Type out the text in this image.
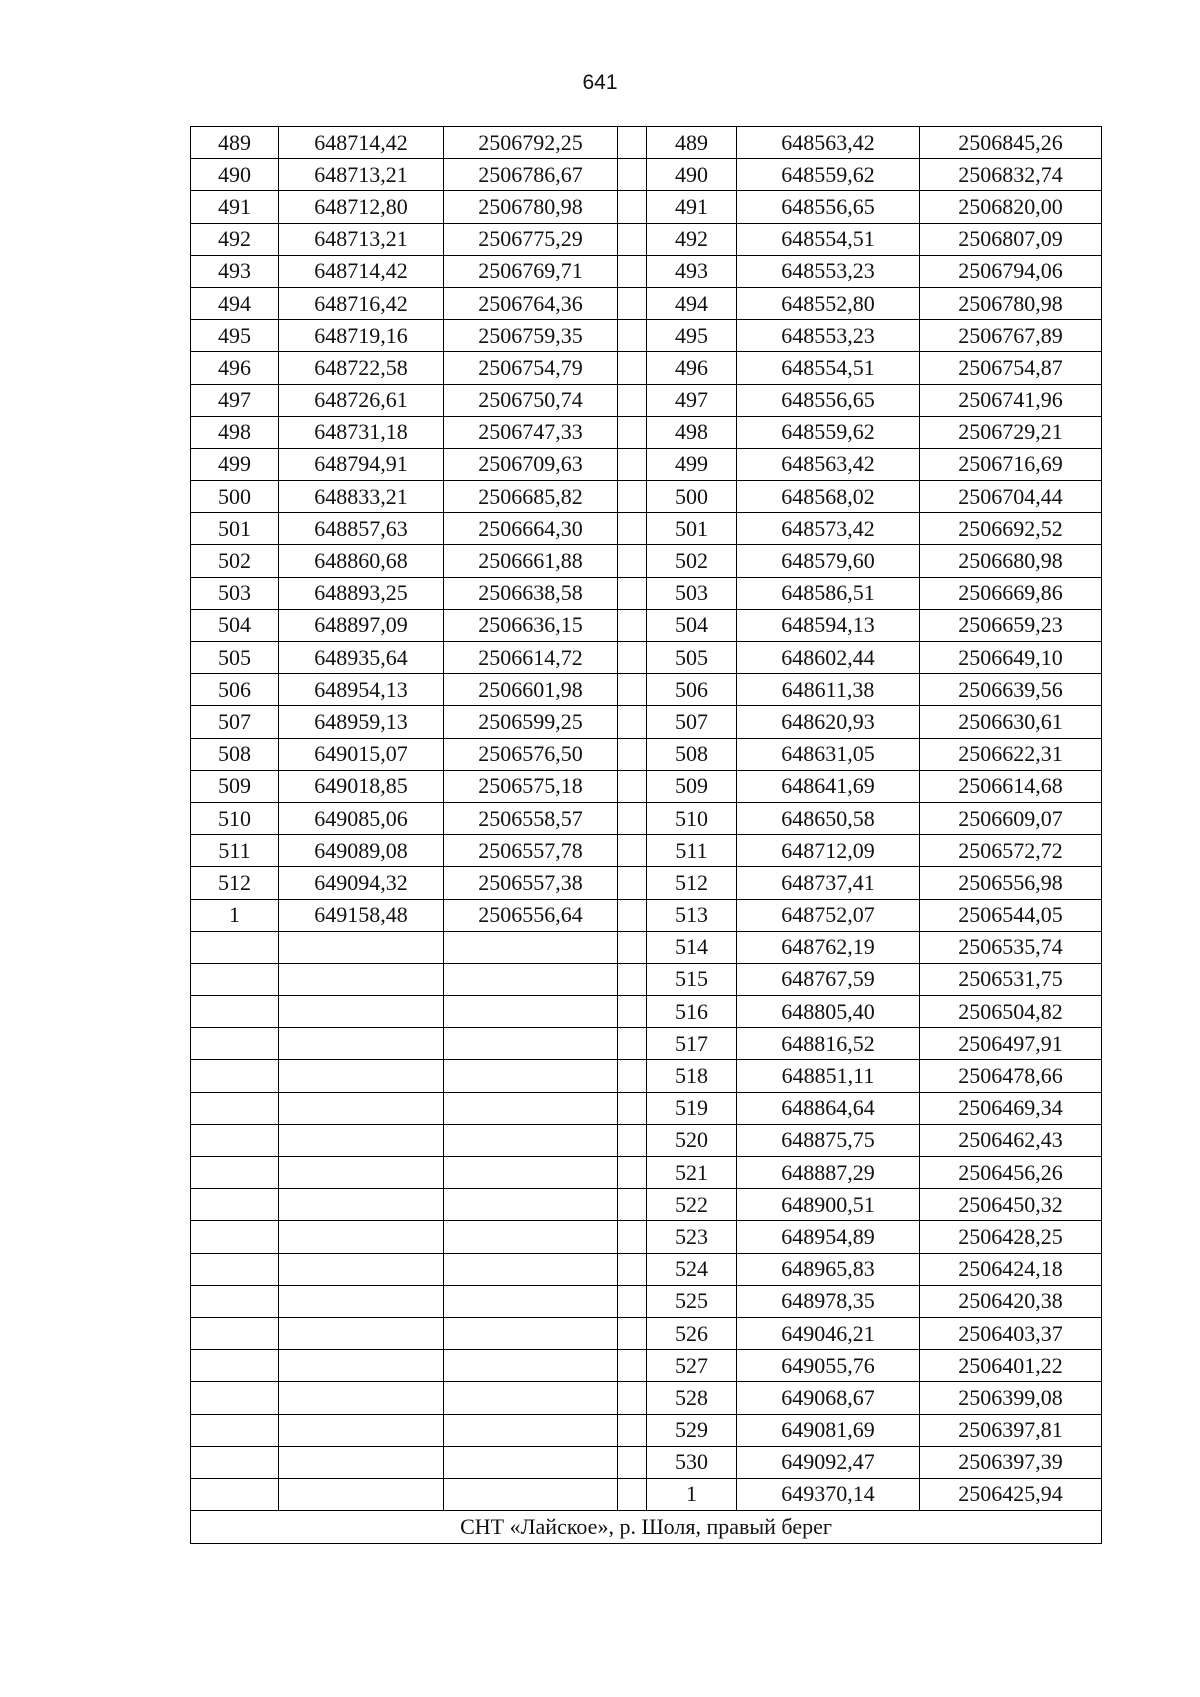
641
489	648714,42	2506792,25		489	648563,42	2506845,26
490	648713,21	2506786,67		490	648559,62	2506832,74
491	648712,80	2506780,98		491	648556,65	2506820,00
492	648713,21	2506775,29		492	648554,51	2506807,09
493	648714,42	2506769,71		493	648553,23	2506794,06
494	648716,42	2506764,36		494	648552,80	2506780,98
495	648719,16	2506759,35		495	648553,23	2506767,89
496	648722,58	2506754,79		496	648554,51	2506754,87
497	648726,61	2506750,74		497	648556,65	2506741,96
498	648731,18	2506747,33		498	648559,62	2506729,21
499	648794,91	2506709,63		499	648563,42	2506716,69
500	648833,21	2506685,82		500	648568,02	2506704,44
501	648857,63	2506664,30		501	648573,42	2506692,52
502	648860,68	2506661,88		502	648579,60	2506680,98
503	648893,25	2506638,58		503	648586,51	2506669,86
504	648897,09	2506636,15		504	648594,13	2506659,23
505	648935,64	2506614,72		505	648602,44	2506649,10
506	648954,13	2506601,98		506	648611,38	2506639,56
507	648959,13	2506599,25		507	648620,93	2506630,61
508	649015,07	2506576,50		508	648631,05	2506622,31
509	649018,85	2506575,18		509	648641,69	2506614,68
510	649085,06	2506558,57		510	648650,58	2506609,07
511	649089,08	2506557,78		511	648712,09	2506572,72
512	649094,32	2506557,38		512	648737,41	2506556,98
1	649158,48	2506556,64		513	648752,07	2506544,05
				514	648762,19	2506535,74
				515	648767,59	2506531,75
				516	648805,40	2506504,82
				517	648816,52	2506497,91
				518	648851,11	2506478,66
				519	648864,64	2506469,34
				520	648875,75	2506462,43
				521	648887,29	2506456,26
				522	648900,51	2506450,32
				523	648954,89	2506428,25
				524	648965,83	2506424,18
				525	648978,35	2506420,38
				526	649046,21	2506403,37
				527	649055,76	2506401,22
				528	649068,67	2506399,08
				529	649081,69	2506397,81
				530	649092,47	2506397,39
				1	649370,14	2506425,94
СНТ «Лайское», р. Шоля, правый берег						
